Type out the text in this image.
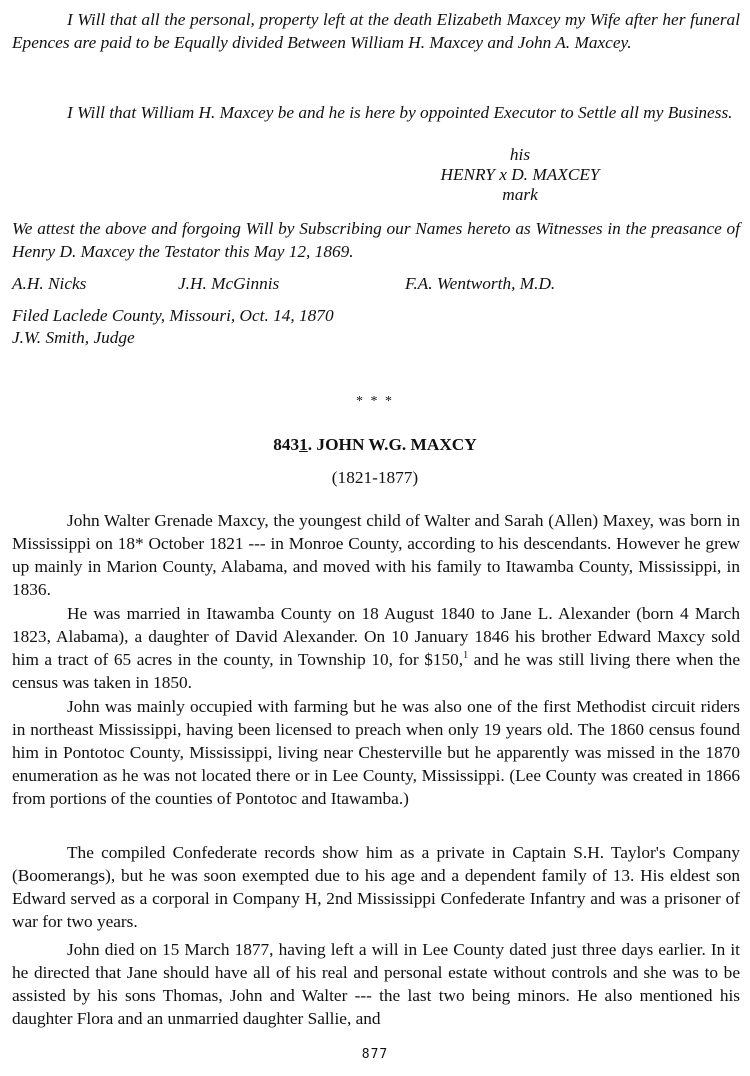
I Will that all the personal, property left at the death Elizabeth Maxcey my Wife after her funeral Epences are paid to be Equally divided Between William H. Maxcey and John A. Maxcey.

I Will that William H. Maxcey be and he is here by oppointed Executor to Settle all my Business.

his
HENRY x D. MAXCEY
mark

We attest the above and forgoing Will by Subscribing our Names hereto as Witnesses in the preasance of Henry D. Maxcey the Testator this May 12, 1869.

A.H. Nicks	J.H. McGinnis	F.A. Wentworth, M.D.

Filed Laclede County, Missouri, Oct. 14, 1870

J.W. Smith, Judge

* * *
8431. JOHN W.G. MAXCY
(1821-1877)

John Walter Grenade Maxcy, the youngest child of Walter and Sarah (Allen) Maxey, was born in Mississippi on 18* October 1821 --- in Monroe County, according to his descendants. However he grew up mainly in Marion County, Alabama, and moved with his family to Itawamba County, Mississippi, in 1836.

He was married in Itawamba County on 18 August 1840 to Jane L. Alexander (born 4 March 1823, Alabama), a daughter of David Alexander. On 10 January 1846 his brother Edward Maxcy sold him a tract of 65 acres in the county, in Township 10, for $150,$^1$ and he was still living there when the census was taken in 1850.

John was mainly occupied with farming but he was also one of the first Methodist circuit riders in northeast Mississippi, having been licensed to preach when only 19 years old. The 1860 census found him in Pontotoc County, Mississippi, living near Chesterville but he apparently was missed in the 1870 enumeration as he was not located there or in Lee County, Mississippi. (Lee County was created in 1866 from portions of the counties of Pontotoc and Itawamba.)

The compiled Confederate records show him as a private in Captain S.H. Taylor's Company (Boomerangs), but he was soon exempted due to his age and a dependent family of 13. His eldest son Edward served as a corporal in Company H, 2nd Mississippi Confederate Infantry and was a prisoner of war for two years.

John died on 15 March 1877, having left a will in Lee County dated just three days earlier. In it he directed that Jane should have all of his real and personal estate without controls and she was to be assisted by his sons Thomas, John and Walter --- the last two being minors. He also mentioned his daughter Flora and an unmarried daughter Sallie, and

877
